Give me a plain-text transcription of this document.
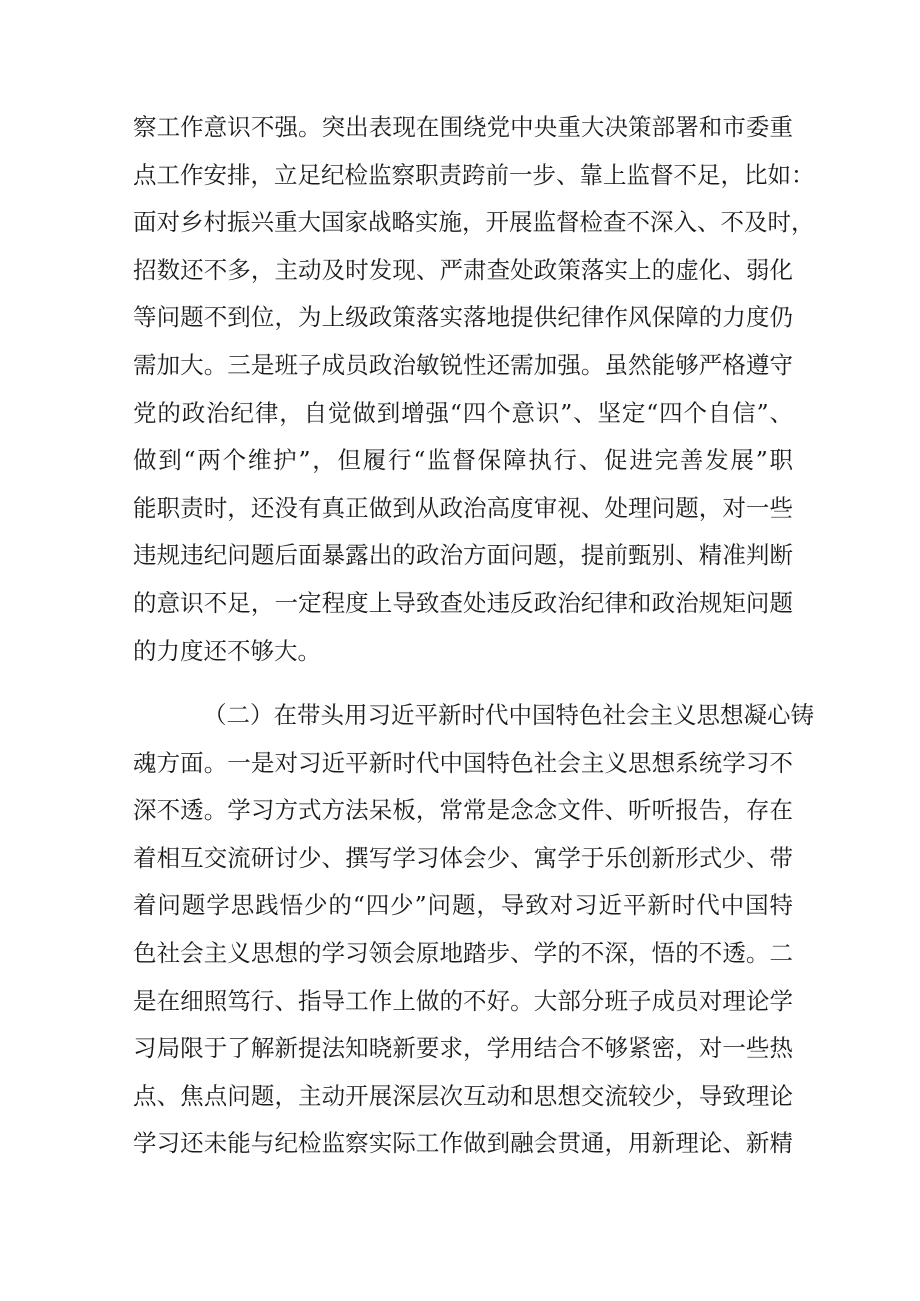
察工作意识不强。突出表现在围绕党中央重大决策部署和市委重
点工作安排，立足纪检监察职责跨前一步、靠上监督不足，比如：
面对乡村振兴重大国家战略实施，开展监督检查不深入、不及时，
招数还不多，主动及时发现、严肃查处政策落实上的虚化、弱化
等问题不到位，为上级政策落实落地提供纪律作风保障的力度仍
需加大。三是班子成员政治敏锐性还需加强。虽然能够严格遵守
党的政治纪律，自觉做到增强“四个意识”、坚定“四个自信”、
做到“两个维护”，但履行“监督保障执行、促进完善发展”职
能职责时，还没有真正做到从政治高度审视、处理问题，对一些
违规违纪问题后面暴露出的政治方面问题，提前甄别、精准判断
的意识不足，一定程度上导致查处违反政治纪律和政治规矩问题
的力度还不够大。
（二）在带头用习近平新时代中国特色社会主义思想凝心铸
魂方面。一是对习近平新时代中国特色社会主义思想系统学习不
深不透。学习方式方法呆板，常常是念念文件、听听报告，存在
着相互交流研讨少、撰写学习体会少、寓学于乐创新形式少、带
着问题学思践悟少的“四少”问题，导致对习近平新时代中国特
色社会主义思想的学习领会原地踏步、学的不深，悟的不透。二
是在细照笃行、指导工作上做的不好。大部分班子成员对理论学
习局限于了解新提法知晓新要求，学用结合不够紧密，对一些热
点、焦点问题，主动开展深层次互动和思想交流较少，导致理论
学习还未能与纪检监察实际工作做到融会贯通，用新理论、新精
